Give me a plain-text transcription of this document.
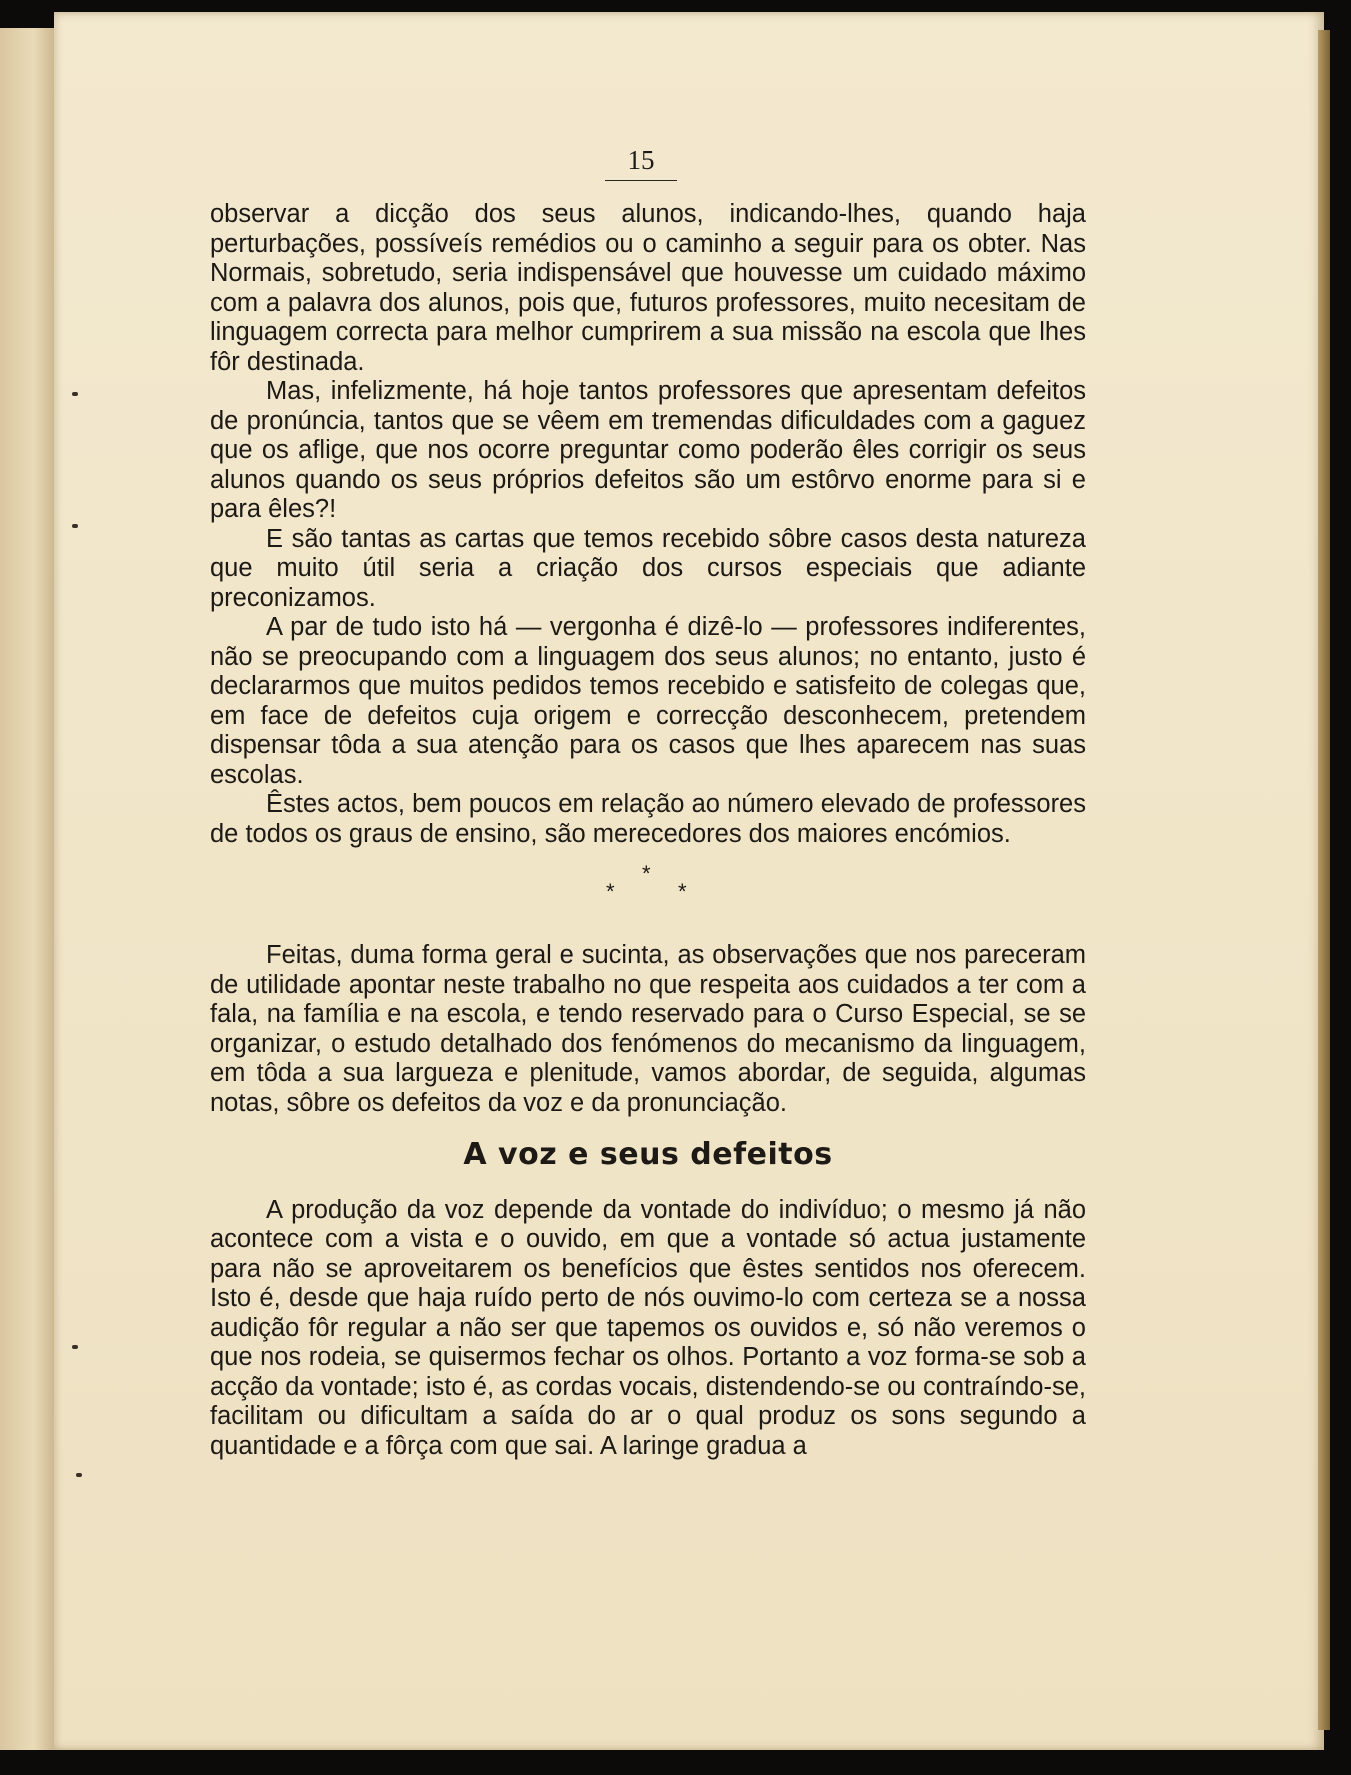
15

observar a dicção dos seus alunos, indicando-lhes, quando haja perturbações, possíveís remédios ou o caminho a seguir para os obter. Nas Normais, sobretudo, seria indispensável que houvesse um cuidado máximo com a palavra dos alunos, pois que, futuros professores, muito necesitam de linguagem correcta para melhor cumprirem a sua missão na escola que lhes fôr destinada.

Mas, infelizmente, há hoje tantos professores que apresentam defeitos de pronúncia, tantos que se vêem em tremendas dificuldades com a gaguez que os aflige, que nos ocorre preguntar como poderão êles corrigir os seus alunos quando os seus próprios defeitos são um estôrvo enorme para si e para êles?!

E são tantas as cartas que temos recebido sôbre casos desta natureza que muito útil seria a criação dos cursos especiais que adiante preconizamos.

A par de tudo isto há — vergonha é dizê-lo — professores indiferentes, não se preocupando com a linguagem dos seus alunos; no entanto, justo é declararmos que muitos pedidos temos recebido e satisfeito de colegas que, em face de defeitos cuja origem e correcção desconhecem, pretendem dispensar tôda a sua atenção para os casos que lhes aparecem nas suas escolas.

Êstes actos, bem poucos em relação ao número elevado de professores de todos os graus de ensino, são merecedores dos maiores encómios.

*
*	*

Feitas, duma forma geral e sucinta, as observações que nos pareceram de utilidade apontar neste trabalho no que respeita aos cuidados a ter com a fala, na família e na escola, e tendo reservado para o Curso Especial, se se organizar, o estudo detalhado dos fenómenos do mecanismo da linguagem, em tôda a sua largueza e plenitude, vamos abordar, de seguida, algumas notas, sôbre os defeitos da voz e da pronunciação.

A voz e seus defeitos

A produção da voz depende da vontade do indivíduo; o mesmo já não acontece com a vista e o ouvido, em que a vontade só actua justamente para não se aproveitarem os benefícios que êstes sentidos nos oferecem. Isto é, desde que haja ruído perto de nós ouvimo-lo com certeza se a nossa audição fôr regular a não ser que tapemos os ouvidos e, só não veremos o que nos rodeia, se quisermos fechar os olhos. Portanto a voz forma-se sob a acção da vontade; isto é, as cordas vocais, distendendo-se ou contraíndo-se, facilitam ou dificultam a saída do ar o qual produz os sons segundo a quantidade e a fôrça com que sai. A laringe gradua a
